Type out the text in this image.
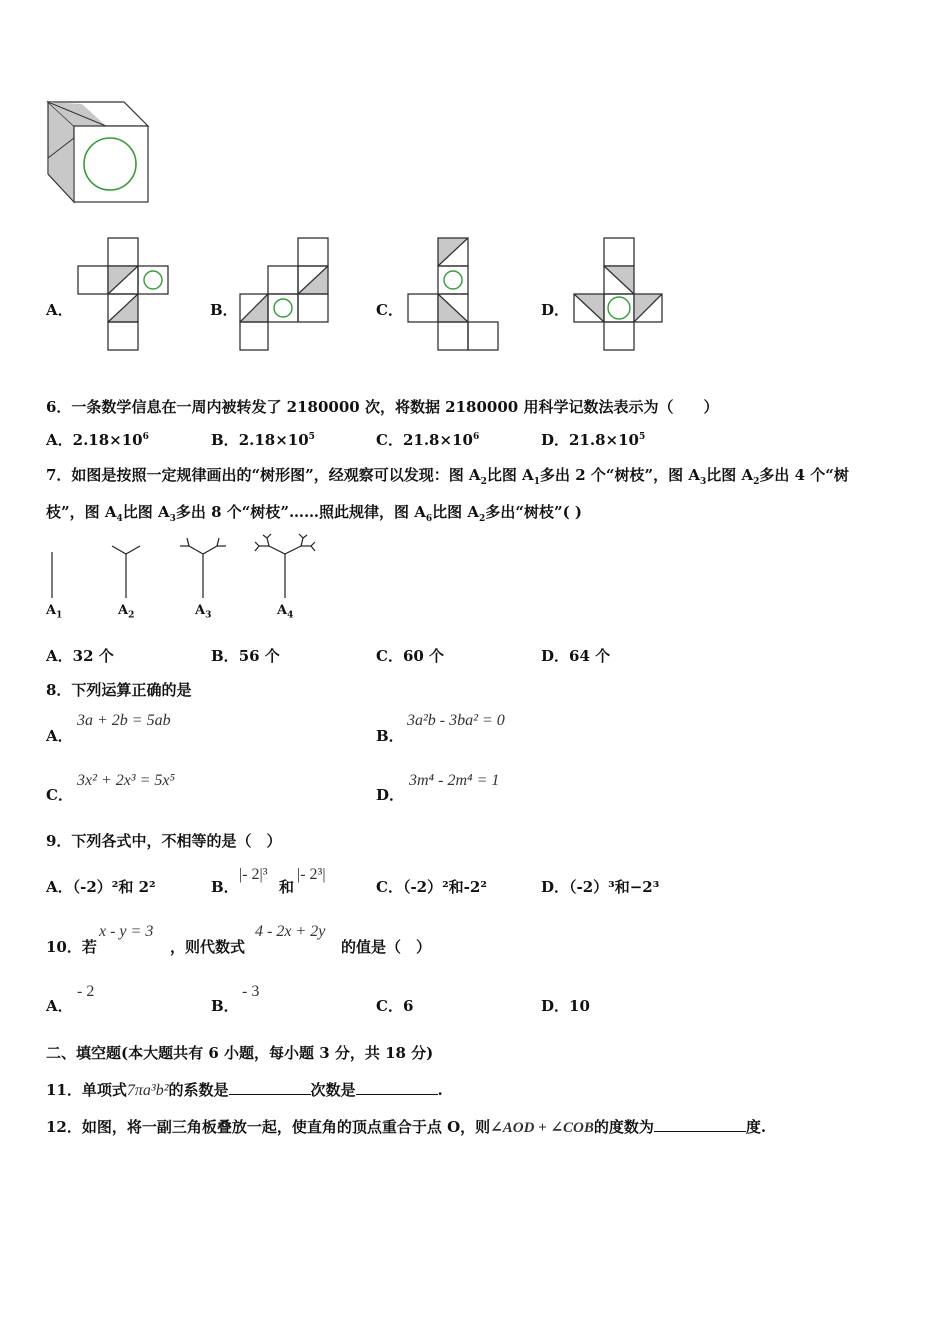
A．	B．	C．	D．
6．一条数学信息在一周内被转发了 2180000 次，将数据 2180000 用科学记数法表示为（　　）
A．$2.18\times 10^6$	B．$2.18\times 10^5$	C．$21.8\times 10^6$	D．$21.8\times 10^5$
7．如图是按照一定规律画出的“树形图”，经观察可以发现：图 $A_2$比图 $A_1$多出 2 个“树枝”，图 $A_3$比图 $A_2$多出 4 个“树
枝”，图 $A_4$比图 $A_3$多出 8 个“树枝”……照此规律，图 $A_6$比图 $A_2$多出“树枝”( )
$A_1$	$A_2$	$A_3$	$A_4$
A．32 个	B．56 个	C．60 个	D．64 个
8．下列运算正确的是
A．
3a + 2b = 5ab
B．
3a²b - 3ba² = 0
C．
3x² + 2x³ = 5x⁵
D．
3m⁴ - 2m⁴ = 1
9．下列各式中，不相等的是（　）
A．（-2）²和 2²	B．
|- 2|³
和
|- 2³|
C．（-2）²和-2²	D．（-2）³和−2³
10．若
x - y = 3
，则代数式
4 - 2x + 2y
的值是（　）
A．
- 2
B．
- 3
C．6	D．10
二、填空题(本大题共有 6 小题，每小题 3 分，共 18 分)
11．单项式7πa³b²的系数是	次数是	.
12．如图，将一副三角板叠放一起，使直角的顶点重合于点 O，则∠AOD + ∠COB的度数为	度.
